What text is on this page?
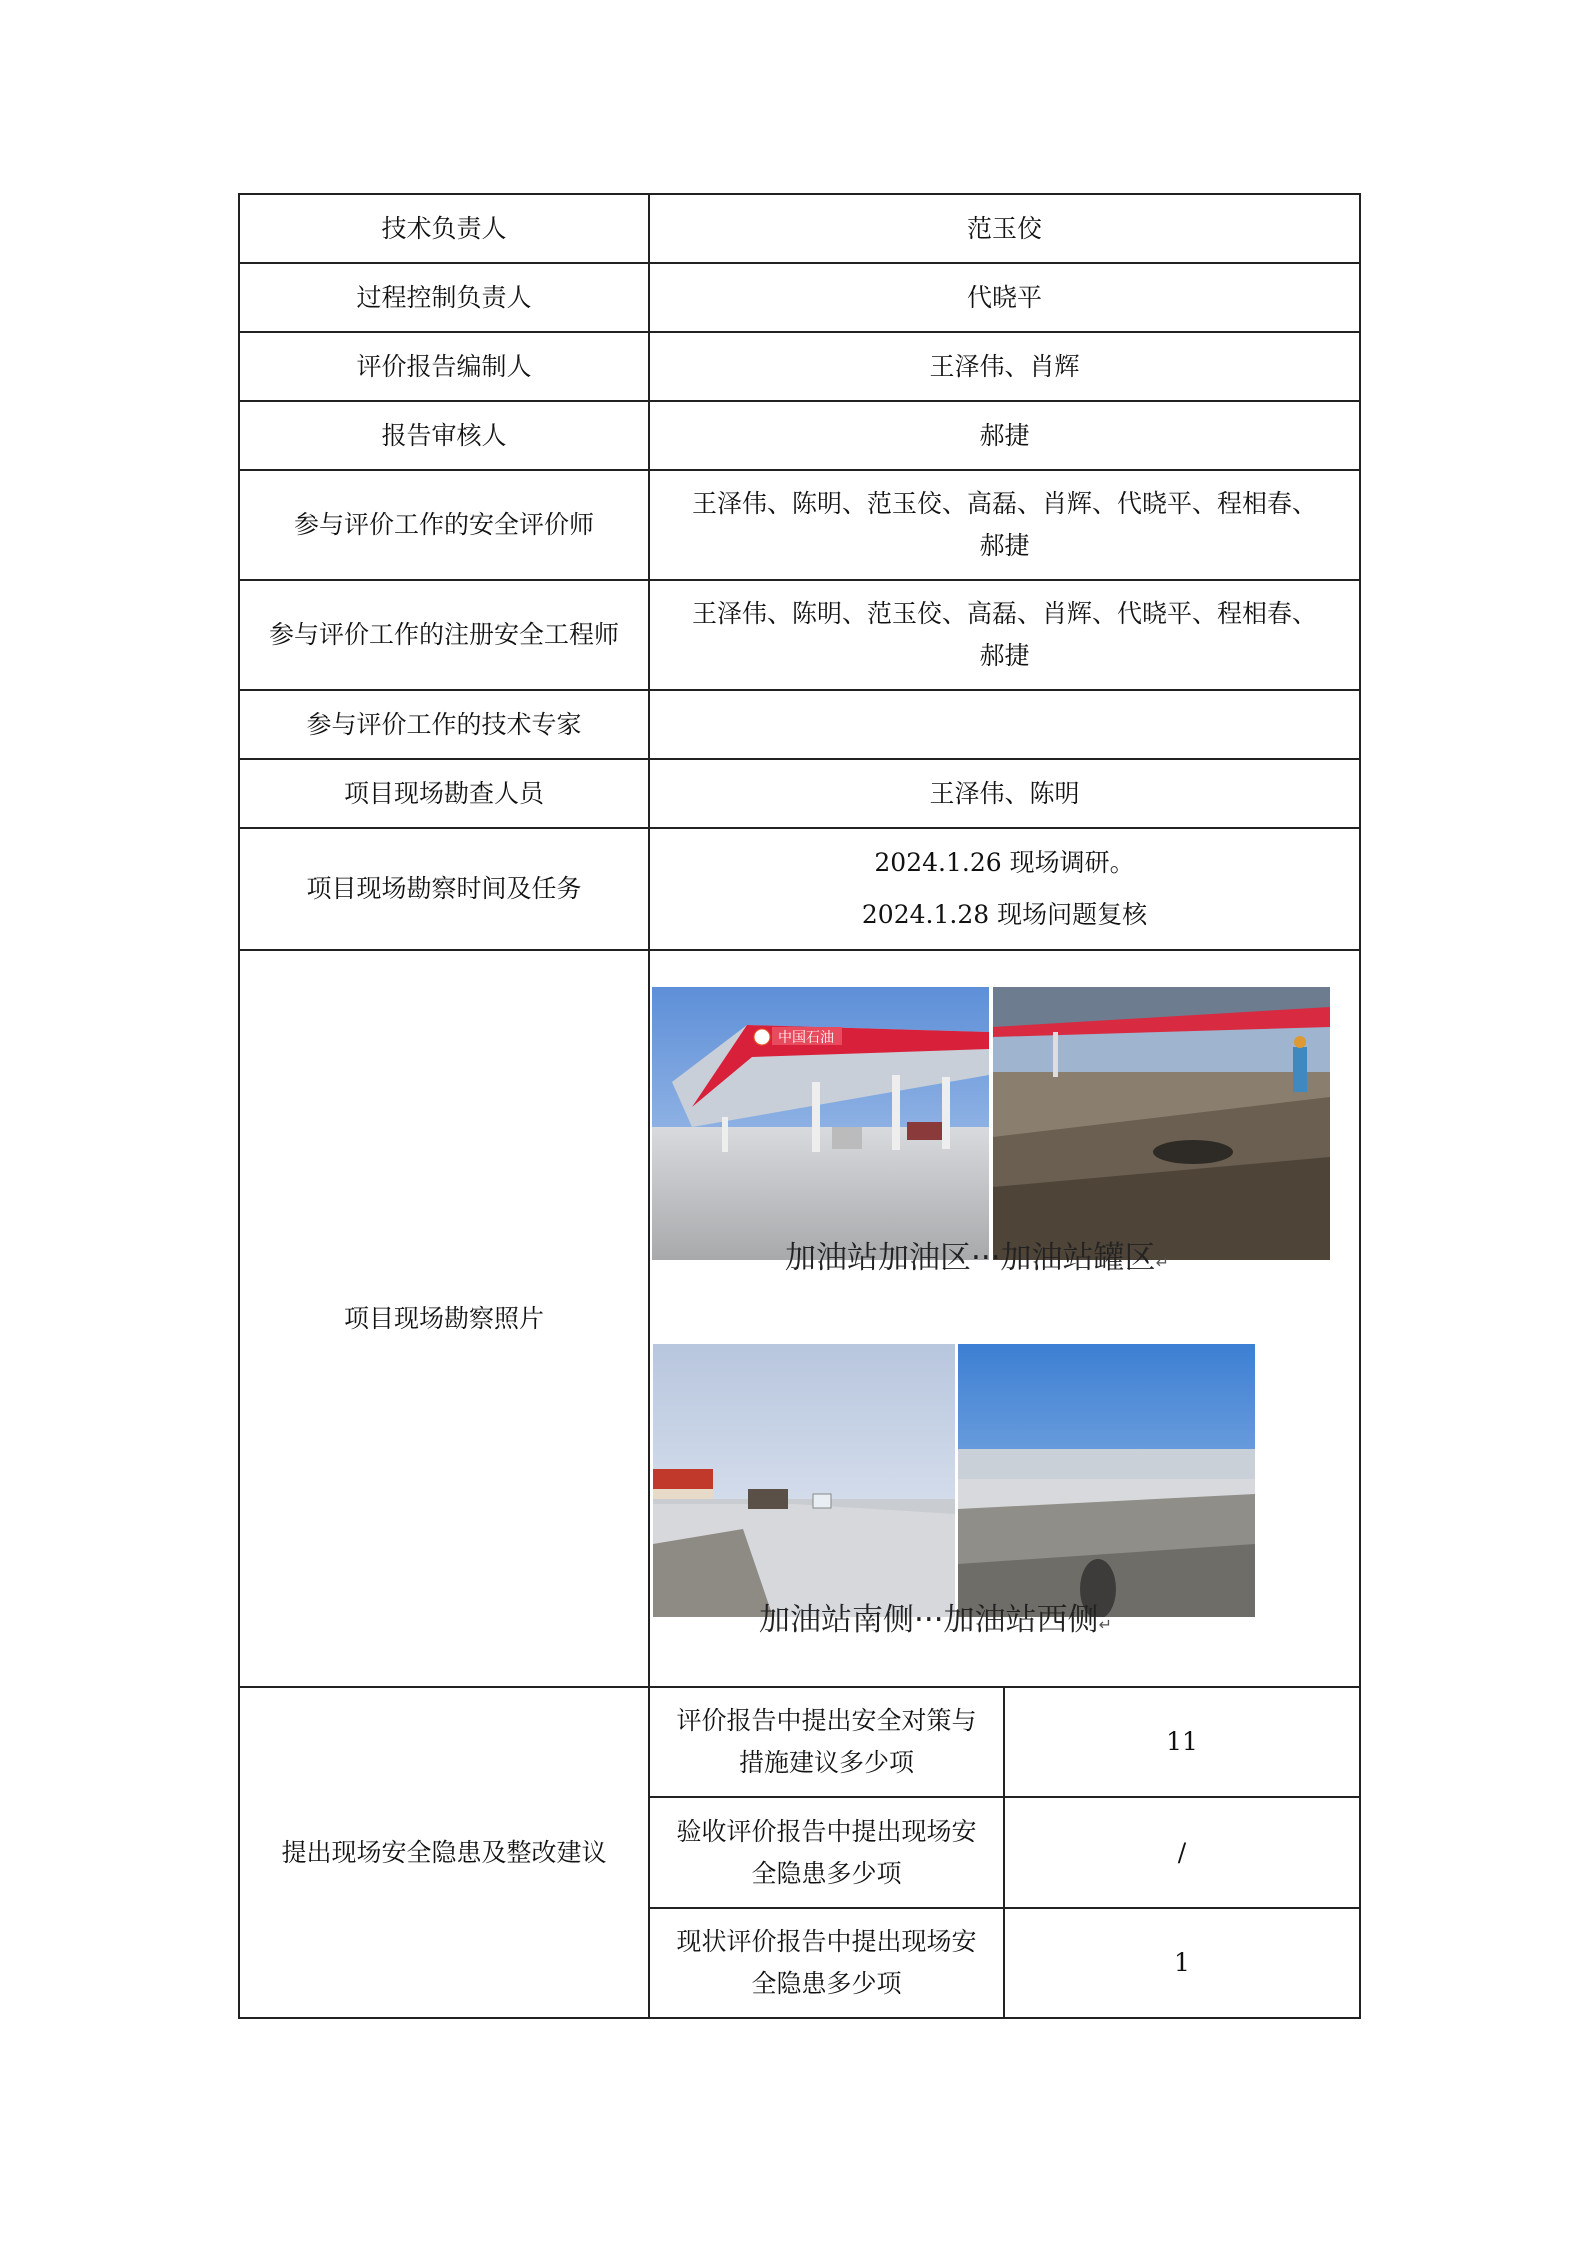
技术负责人	范玉佼	
过程控制负责人	代晓平	
评价报告编制人	王泽伟、肖辉	
报告审核人	郝捷	
参与评价工作的安全评价师	王泽伟、陈明、范玉佼、高磊、肖辉、代晓平、程相春、
郝捷	

参与评价工作的注册安全工程师	王泽伟、陈明、范玉佼、高磊、肖辉、代晓平、程相春、
郝捷	

参与评价工作的技术专家		
项目现场勘查人员	王泽伟、陈明	
项目现场勘察时间及任务	2024.1.26 现场调研。
2024.1.28 现场问题复核	

项目现场勘察照片	中国石油
加油站加油区···加油站罐区↵
加油站南侧···加油站西侧↵	

提出现场安全隐患及整改建议	评价报告中提出安全对策与
措施建议多少项	11

	验收评价报告中提出现场安
全隐患多少项	/

	现状评价报告中提出现场安
全隐患多少项	1
